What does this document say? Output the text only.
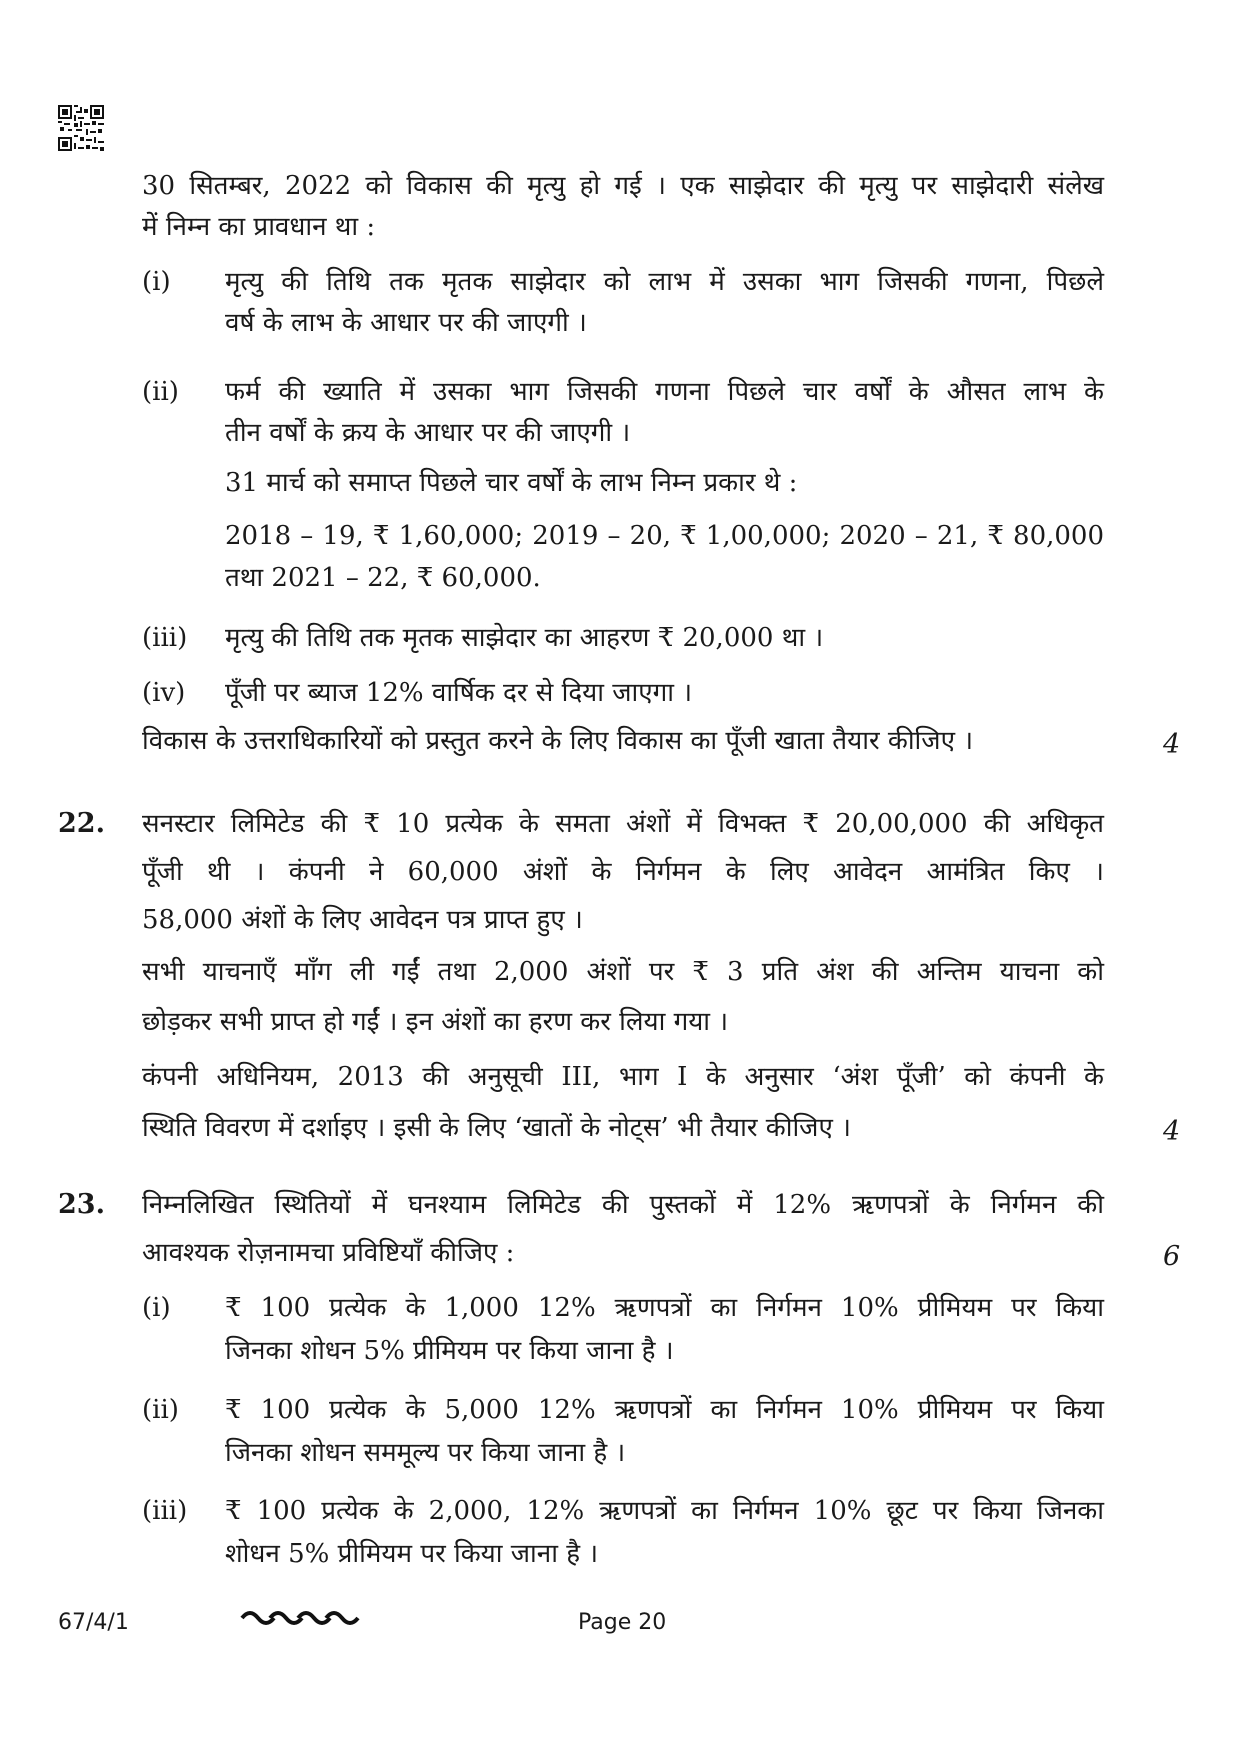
30 सितम्बर, 2022 को विकास की मृत्यु हो गई । एक साझेदार की मृत्यु पर साझेदारी संलेख
में निम्न का प्रावधान था :
(i) मृत्यु की तिथि तक मृतक साझेदार को लाभ में उसका भाग जिसकी गणना, पिछले
वर्ष के लाभ के आधार पर की जाएगी ।
(ii) फर्म की ख्याति में उसका भाग जिसकी गणना पिछले चार वर्षों के औसत लाभ के
तीन वर्षों के क्रय के आधार पर की जाएगी ।
31 मार्च को समाप्त पिछले चार वर्षों के लाभ निम्न प्रकार थे :
2018 – 19, ₹ 1,60,000; 2019 – 20, ₹ 1,00,000; 2020 – 21, ₹ 80,000
तथा 2021 – 22, ₹ 60,000.
(iii) मृत्यु की तिथि तक मृतक साझेदार का आहरण ₹ 20,000 था ।
(iv) पूँजी पर ब्याज 12% वार्षिक दर से दिया जाएगा ।
विकास के उत्तराधिकारियों को प्रस्तुत करने के लिए विकास का पूँजी खाता तैयार कीजिए ।	4
22. सनस्टार लिमिटेड की ₹ 10 प्रत्येक के समता अंशों में विभक्त ₹ 20,00,000 की अधिकृत
पूँजी थी । कंपनी ने 60,000 अंशों के निर्गमन के लिए आवेदन आमंत्रित किए ।
58,000 अंशों के लिए आवेदन पत्र प्राप्त हुए ।
सभी याचनाएँ माँग ली गईं तथा 2,000 अंशों पर ₹ 3 प्रति अंश की अन्तिम याचना को
छोड़कर सभी प्राप्त हो गईं । इन अंशों का हरण कर लिया गया ।
कंपनी अधिनियम, 2013 की अनुसूची III, भाग I के अनुसार ‘अंश पूँजी’ को कंपनी के
स्थिति विवरण में दर्शाइए । इसी के लिए ‘खातों के नोट्स’ भी तैयार कीजिए ।	4
23. निम्नलिखित स्थितियों में घनश्याम लिमिटेड की पुस्तकों में 12% ऋणपत्रों के निर्गमन की
आवश्यक रोज़नामचा प्रविष्टियाँ कीजिए :	6
(i) ₹ 100 प्रत्येक के 1,000 12% ऋणपत्रों का निर्गमन 10% प्रीमियम पर किया
जिनका शोधन 5% प्रीमियम पर किया जाना है ।
(ii) ₹ 100 प्रत्येक के 5,000 12% ऋणपत्रों का निर्गमन 10% प्रीमियम पर किया
जिनका शोधन सममूल्य पर किया जाना है ।
(iii) ₹ 100 प्रत्येक के 2,000, 12% ऋणपत्रों का निर्गमन 10% छूट पर किया जिनका
शोधन 5% प्रीमियम पर किया जाना है ।
67/4/1	Page 20
